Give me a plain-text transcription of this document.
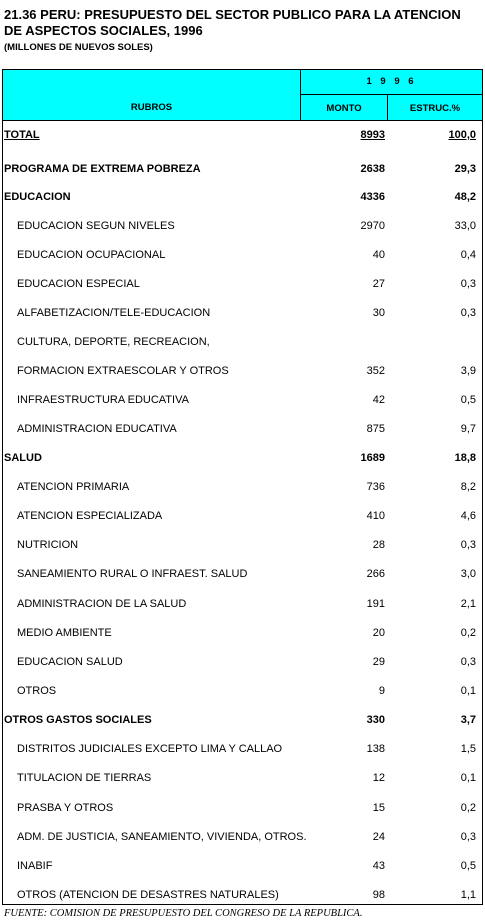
21.36 PERU: PRESUPUESTO DEL SECTOR PUBLICO PARA LA ATENCION DE ASPECTOS SOCIALES, 1996
(MILLONES DE NUEVOS SOLES)
RUBROS
1 9 9 6
MONTO	ESTRUC.%
TOTAL	8993	100,0
PROGRAMA DE EXTREMA POBREZA	2638	29,3
EDUCACION	4336	48,2
EDUCACION SEGUN NIVELES	2970	33,0
EDUCACION OCUPACIONAL	40	0,4
EDUCACION ESPECIAL	27	0,3
ALFABETIZACION/TELE-EDUCACION	30	0,3
CULTURA, DEPORTE, RECREACION,
FORMACION EXTRAESCOLAR Y OTROS	352	3,9
INFRAESTRUCTURA EDUCATIVA	42	0,5
ADMINISTRACION EDUCATIVA	875	9,7
SALUD	1689	18,8
ATENCION PRIMARIA	736	8,2
ATENCION ESPECIALIZADA	410	4,6
NUTRICION	28	0,3
SANEAMIENTO RURAL O INFRAEST. SALUD	266	3,0
ADMINISTRACION DE LA SALUD	191	2,1
MEDIO AMBIENTE	20	0,2
EDUCACION SALUD	29	0,3
OTROS	9	0,1
OTROS GASTOS SOCIALES	330	3,7
DISTRITOS JUDICIALES EXCEPTO LIMA Y CALLAO	138	1,5
TITULACION DE TIERRAS	12	0,1
PRASBA Y OTROS	15	0,2
ADM. DE JUSTICIA, SANEAMIENTO, VIVIENDA, OTROS.	24	0,3
INABIF	43	0,5
OTROS (ATENCION DE DESASTRES NATURALES)	98	1,1
FUENTE: COMISION DE PRESUPUESTO DEL CONGRESO DE LA REPUBLICA.
